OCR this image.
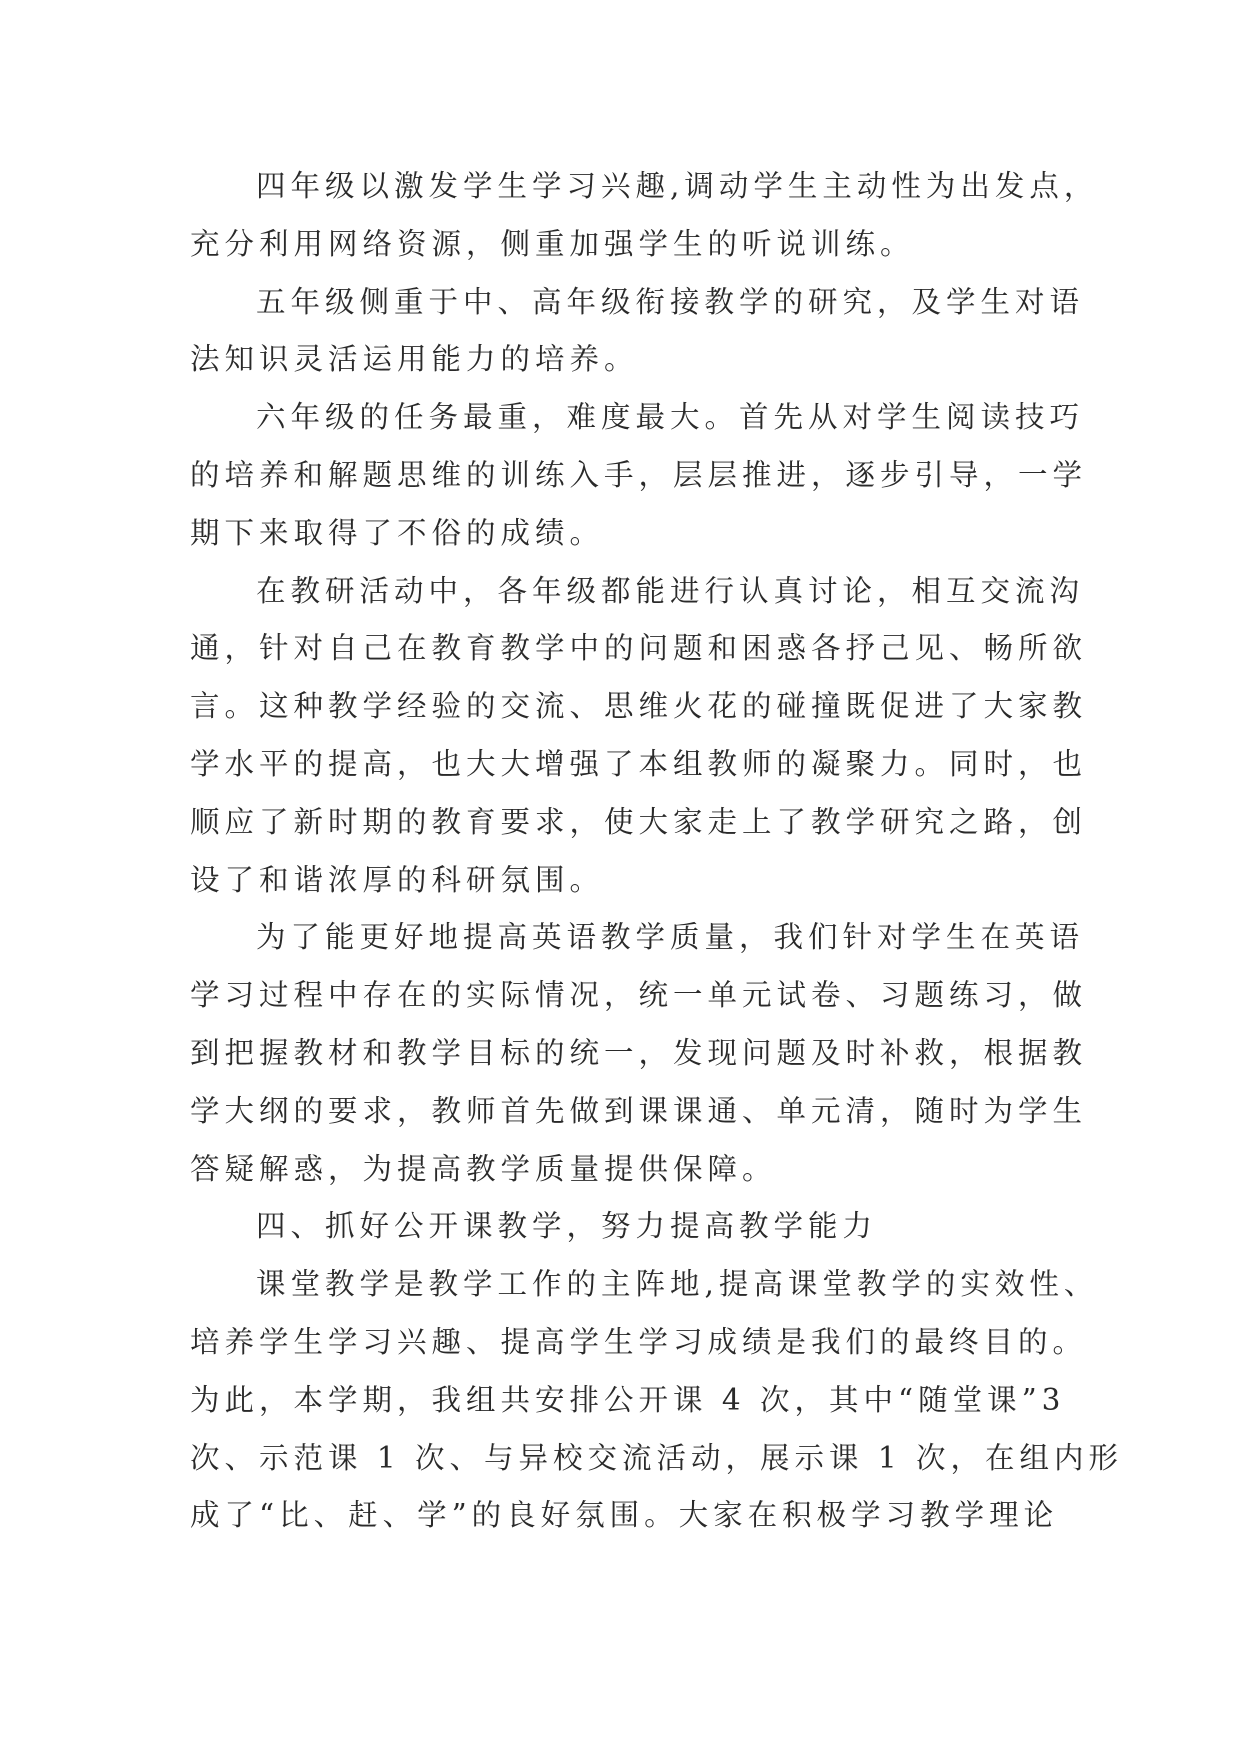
四年级以激发学生学习兴趣,调动学生主动性为出发点，
充分利用网络资源，侧重加强学生的听说训练。
五年级侧重于中、高年级衔接教学的研究，及学生对语
法知识灵活运用能力的培养。
六年级的任务最重，难度最大。首先从对学生阅读技巧
的培养和解题思维的训练入手，层层推进，逐步引导，一学
期下来取得了不俗的成绩。
在教研活动中，各年级都能进行认真讨论，相互交流沟
通，针对自己在教育教学中的问题和困惑各抒己见、畅所欲
言。这种教学经验的交流、思维火花的碰撞既促进了大家教
学水平的提高，也大大增强了本组教师的凝聚力。同时，也
顺应了新时期的教育要求，使大家走上了教学研究之路，创
设了和谐浓厚的科研氛围。
为了能更好地提高英语教学质量，我们针对学生在英语
学习过程中存在的实际情况，统一单元试卷、习题练习，做
到把握教材和教学目标的统一，发现问题及时补救，根据教
学大纲的要求，教师首先做到课课通、单元清，随时为学生
答疑解惑，为提高教学质量提供保障。
四、抓好公开课教学，努力提高教学能力
课堂教学是教学工作的主阵地,提高课堂教学的实效性、
培养学生学习兴趣、提高学生学习成绩是我们的最终目的。
为此，本学期，我组共安排公开课 4 次，其中“随堂课”3
次、示范课 1 次、与异校交流活动，展示课 1 次，在组内形
成了“比、赶、学”的良好氛围。大家在积极学习教学理论
